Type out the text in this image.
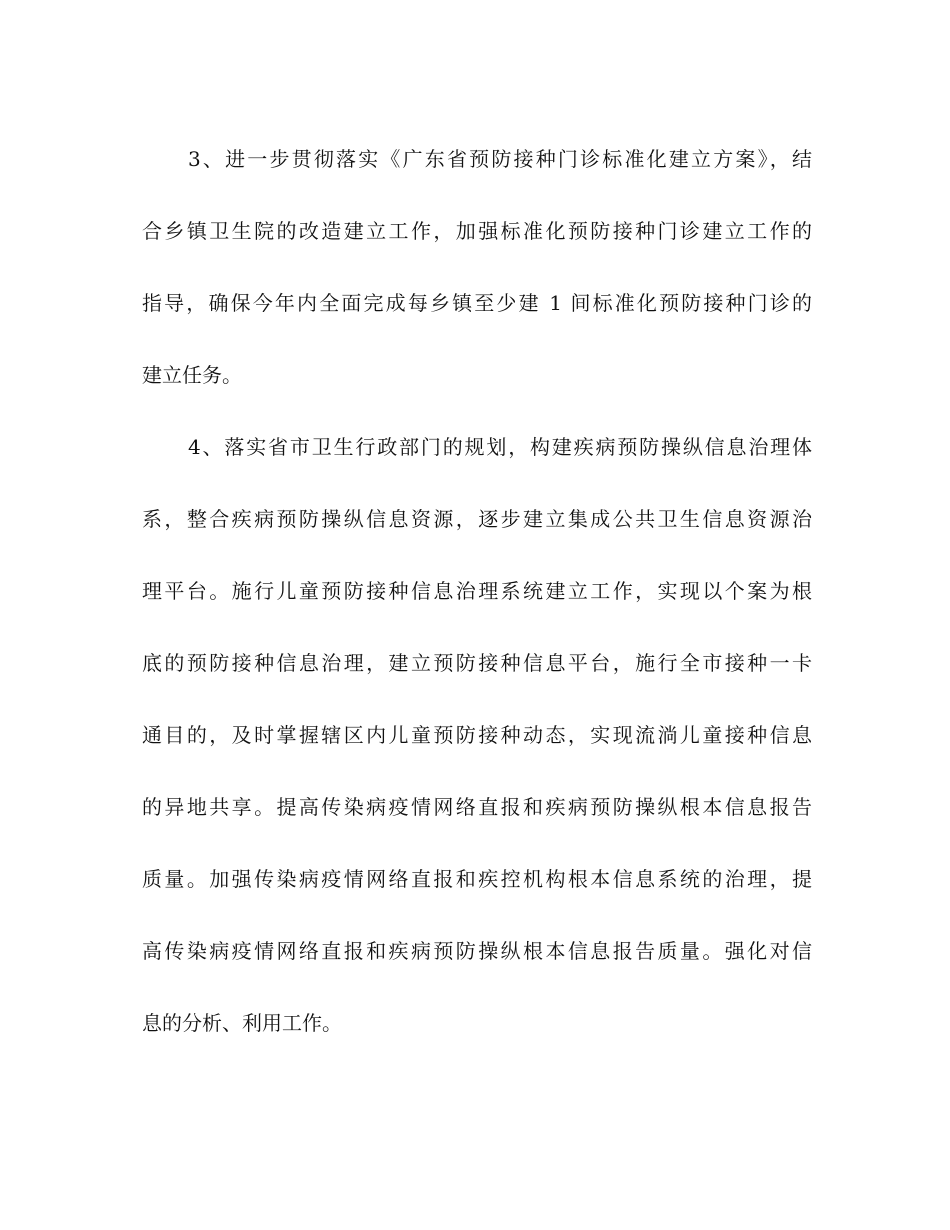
3、进一步贯彻落实《广东省预防接种门诊标准化建立方案》，结
合乡镇卫生院的改造建立工作，加强标准化预防接种门诊建立工作的
指导，确保今年内全面完成每乡镇至少建 1 间标准化预防接种门诊的
建立任务。
4、落实省市卫生行政部门的规划，构建疾病预防操纵信息治理体
系，整合疾病预防操纵信息资源，逐步建立集成公共卫生信息资源治
理平台。施行儿童预防接种信息治理系统建立工作，实现以个案为根
底的预防接种信息治理，建立预防接种信息平台，施行全市接种一卡
通目的，及时掌握辖区内儿童预防接种动态，实现流淌儿童接种信息
的异地共享。提高传染病疫情网络直报和疾病预防操纵根本信息报告
质量。加强传染病疫情网络直报和疾控机构根本信息系统的治理，提
高传染病疫情网络直报和疾病预防操纵根本信息报告质量。强化对信
息的分析、利用工作。
